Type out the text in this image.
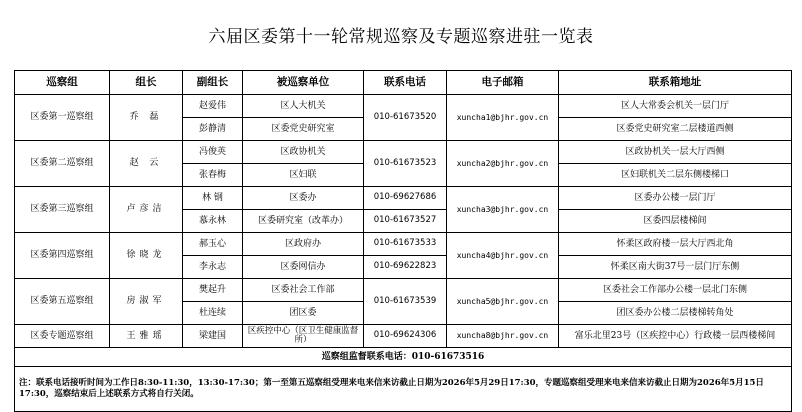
六届区委第十一轮常规巡察及专题巡察进驻一览表
巡察组	组长	副组长	被巡察单位	联系电话	电子邮箱	联系箱地址
区委第一巡察组	乔 磊	赵爱伟	区人大机关	010-61673520	xuncha1@bjhr.gov.cn	区人大常委会机关一层门厅
		彭静清	区委党史研究室			区委党史研究室二层楼道西侧
区委第二巡察组	赵 云	冯俊英	区政协机关	010-61673523	xuncha2@bjhr.gov.cn	区政协机关一层大厅西侧
		张春梅	区妇联			区妇联机关二层东侧楼梯口
区委第三巡察组	卢彦洁	林 钢	区委办	010-69627686	xuncha3@bjhr.gov.cn	区委办公楼一层门厅
		慕永林	区委研究室（改革办）	010-61673527		区委四层楼梯间
区委第四巡察组	徐晓龙	郝玉心	区政府办	010-61673533	xuncha4@bjhr.gov.cn	怀柔区政府楼一层大厅西北角
		李永志	区委网信办	010-69622823		怀柔区南大街37号一层门厅东侧
区委第五巡察组	房淑军	樊起升	区委社会工作部	010-61673539	xuncha5@bjhr.gov.cn	区委社会工作部办公楼一层北门东侧
		杜连续	团区委			团区委办公楼二层楼梯转角处
区委专题巡察组	王雅瑶	梁建国	区疾控中心（区卫生健康监督所）	010-69624306	xuncha8@bjhr.gov.cn	富乐北里23号（区疾控中心）行政楼一层西楼梯间
巡察组监督联系电话：010-61673516						
注：联系电话接听时间为工作日8:30-11:30，13:30-17:30；第一至第五巡察组受理来电来信来访截止日期为2026年5月29日17:30，专题巡察组受理来电来信来访截止日期为2026年5月15日17:30，巡察结束后上述联系方式将自行关闭。						
